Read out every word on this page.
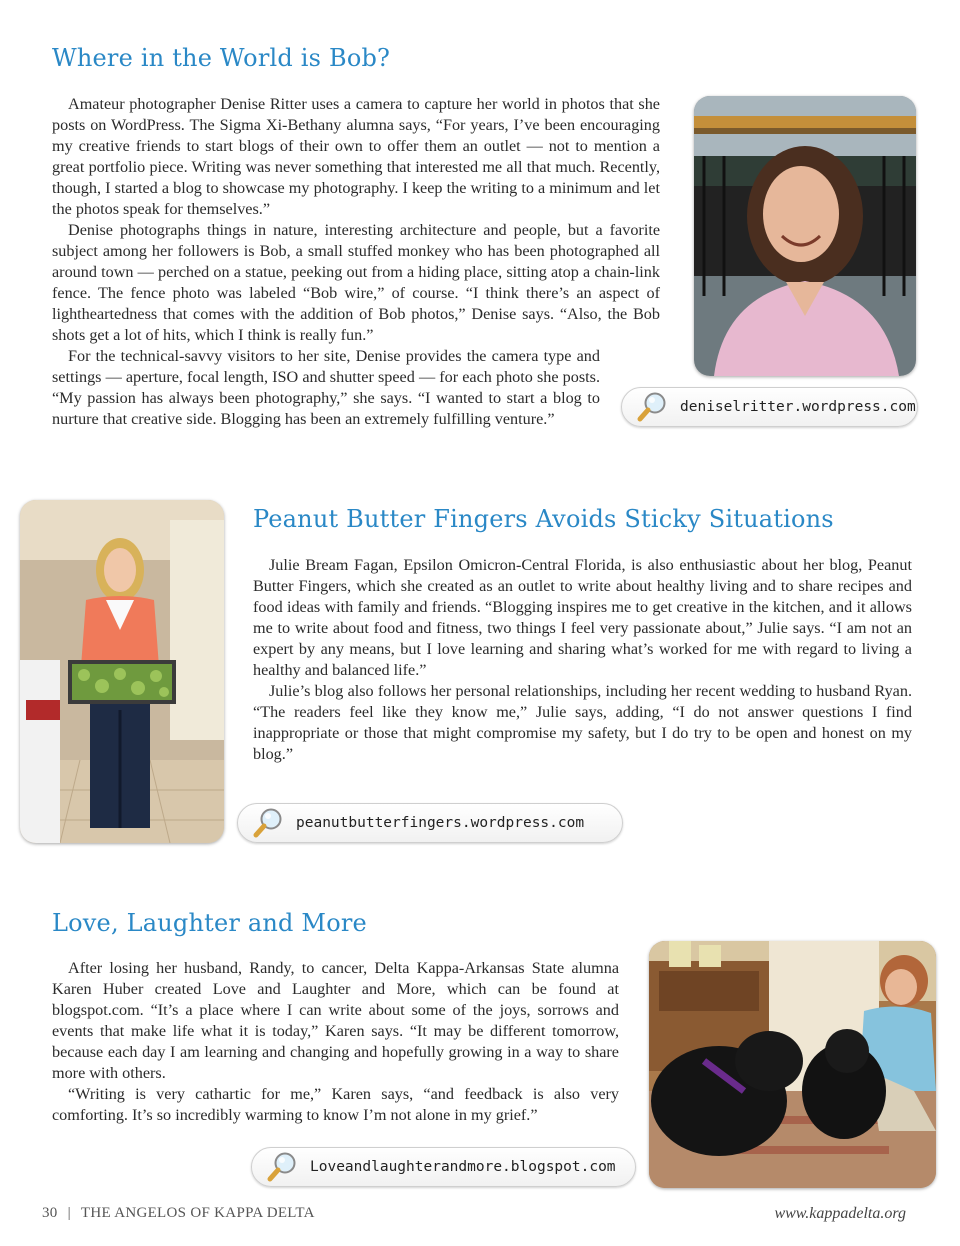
Where in the World is Bob?

Amateur photographer Denise Ritter uses a camera to capture her world in photos that she posts on WordPress. The Sigma Xi-Bethany alumna says, “For years, I’ve been encouraging my creative friends to start blogs of their own to offer them an outlet — not to mention a great portfolio piece. Writing was never something that interested me all that much. Recently, though, I started a blog to showcase my photography. I keep the writing to a minimum and let the photos speak for themselves.”

Denise photographs things in nature, interesting architecture and people, but a favorite subject among her followers is Bob, a small stuffed monkey who has been photographed all around town — perched on a statue, peeking out from a hiding place, sitting atop a chain-link fence. The fence photo was labeled “Bob wire,” of course. “I think there’s an aspect of lightheartedness that comes with the addition of Bob photos,” Denise says. “Also, the Bob shots get a lot of hits, which I think is really fun.”

For the technical-savvy visitors to her site, Denise provides the camera type and settings — aperture, focal length, ISO and shutter speed — for each photo she posts. “My passion has always been photography,” she says. “I wanted to start a blog to nurture that creative side. Blogging has been an extremely fulfilling venture.”

deniselritter.wordpress.com
Peanut Butter Fingers Avoids Sticky Situations

Julie Bream Fagan, Epsilon Omicron-Central Florida, is also enthusiastic about her blog, Peanut Butter Fingers, which she created as an outlet to write about healthy living and to share recipes and food ideas with family and friends. “Blogging inspires me to get creative in the kitchen, and it allows me to write about food and fitness, two things I feel very passionate about,” Julie says. “I am not an expert by any means, but I love learning and sharing what’s worked for me with regard to living a healthy and balanced life.”

Julie’s blog also follows her personal relationships, including her recent wedding to husband Ryan. “The readers feel like they know me,” Julie says, adding, “I do not answer questions I find inappropriate or those that might compromise my safety, but I do try to be open and honest on my blog.”

peanutbutterfingers.wordpress.com
Love, Laughter and More

After losing her husband, Randy, to cancer, Delta Kappa-Arkansas State alumna Karen Huber created Love and Laughter and More, which can be found at blogspot.com. “It’s a place where I can write about some of the joys, sorrows and events that make life what it is today,” Karen says. “It may be different tomorrow, because each day I am learning and changing and hopefully growing in a way to share more with others.

“Writing is very cathartic for me,” Karen says, “and feedback is also very comforting. It’s so incredibly warming to know I’m not alone in my grief.”

Loveandlaughterandmore.blogspot.com
30 | THE ANGELOS OF KAPPA DELTA	www.kappadelta.org
